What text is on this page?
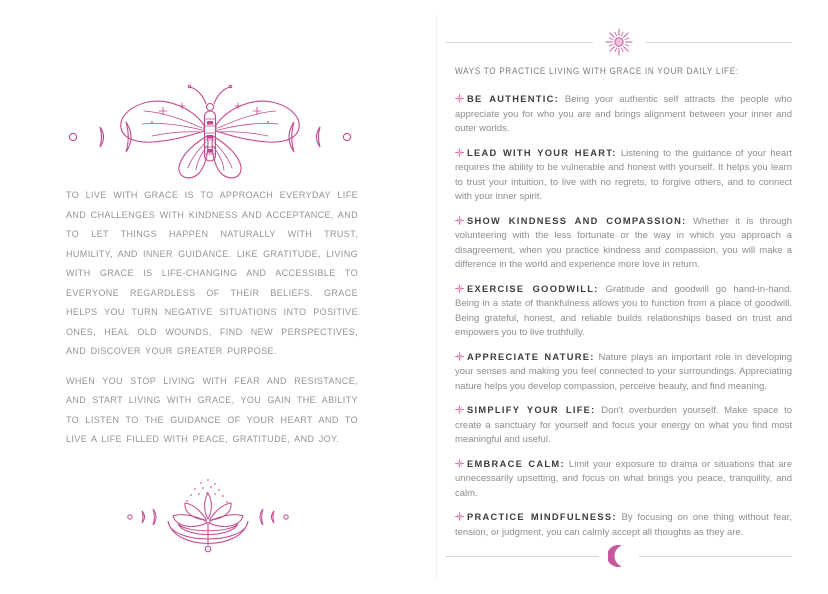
TO LIVE WITH GRACE IS TO APPROACH EVERYDAY LIFE AND CHALLENGES WITH KINDNESS AND ACCEPTANCE, AND TO LET THINGS HAPPEN NATURALLY WITH TRUST, HUMILITY, AND INNER GUIDANCE. LIKE GRATITUDE, LIVING WITH GRACE IS LIFE-CHANGING AND ACCESSIBLE TO EVERYONE REGARDLESS OF THEIR BELIEFS. GRACE HELPS YOU TURN NEGATIVE SITUATIONS INTO POSITIVE ONES, HEAL OLD WOUNDS, FIND NEW PERSPECTIVES, AND DISCOVER YOUR GREATER PURPOSE.

WHEN YOU STOP LIVING WITH FEAR AND RESISTANCE, AND START LIVING WITH GRACE, YOU GAIN THE ABILITY TO LISTEN TO THE GUIDANCE OF YOUR HEART AND TO LIVE A LIFE FILLED WITH PEACE, GRATITUDE, AND JOY.

WAYS TO PRACTICE LIVING WITH GRACE IN YOUR DAILY LIFE:

BE AUTHENTIC: Being your authentic self attracts the people who appreciate you for who you are and brings alignment between your inner and outer worlds.

LEAD WITH YOUR HEART: Listening to the guidance of your heart requires the ability to be vulnerable and honest with yourself. It helps you learn to trust your intuition, to live with no regrets, to forgive others, and to connect with your inner spirit.

SHOW KINDNESS AND COMPASSION: Whether it is through volunteering with the less fortunate or the way in which you approach a disagreement, when you practice kindness and compassion, you will make a difference in the world and experience more love in return.

EXERCISE GOODWILL: Gratitude and goodwill go hand-in-hand. Being in a state of thankfulness allows you to function from a place of goodwill. Being grateful, honest, and reliable builds relationships based on trust and empowers you to live truthfully.

APPRECIATE NATURE: Nature plays an important role in developing your senses and making you feel connected to your surroundings. Appreciating nature helps you develop compassion, perceive beauty, and find meaning.

SIMPLIFY YOUR LIFE: Don't overburden yourself. Make space to create a sanctuary for yourself and focus your energy on what you find most meaningful and useful.

EMBRACE CALM: Limit your exposure to drama or situations that are unnecessarily upsetting, and focus on what brings you peace, tranquility, and calm.

PRACTICE MINDFULNESS: By focusing on one thing without fear, tension, or judgment, you can calmly accept all thoughts as they are.
